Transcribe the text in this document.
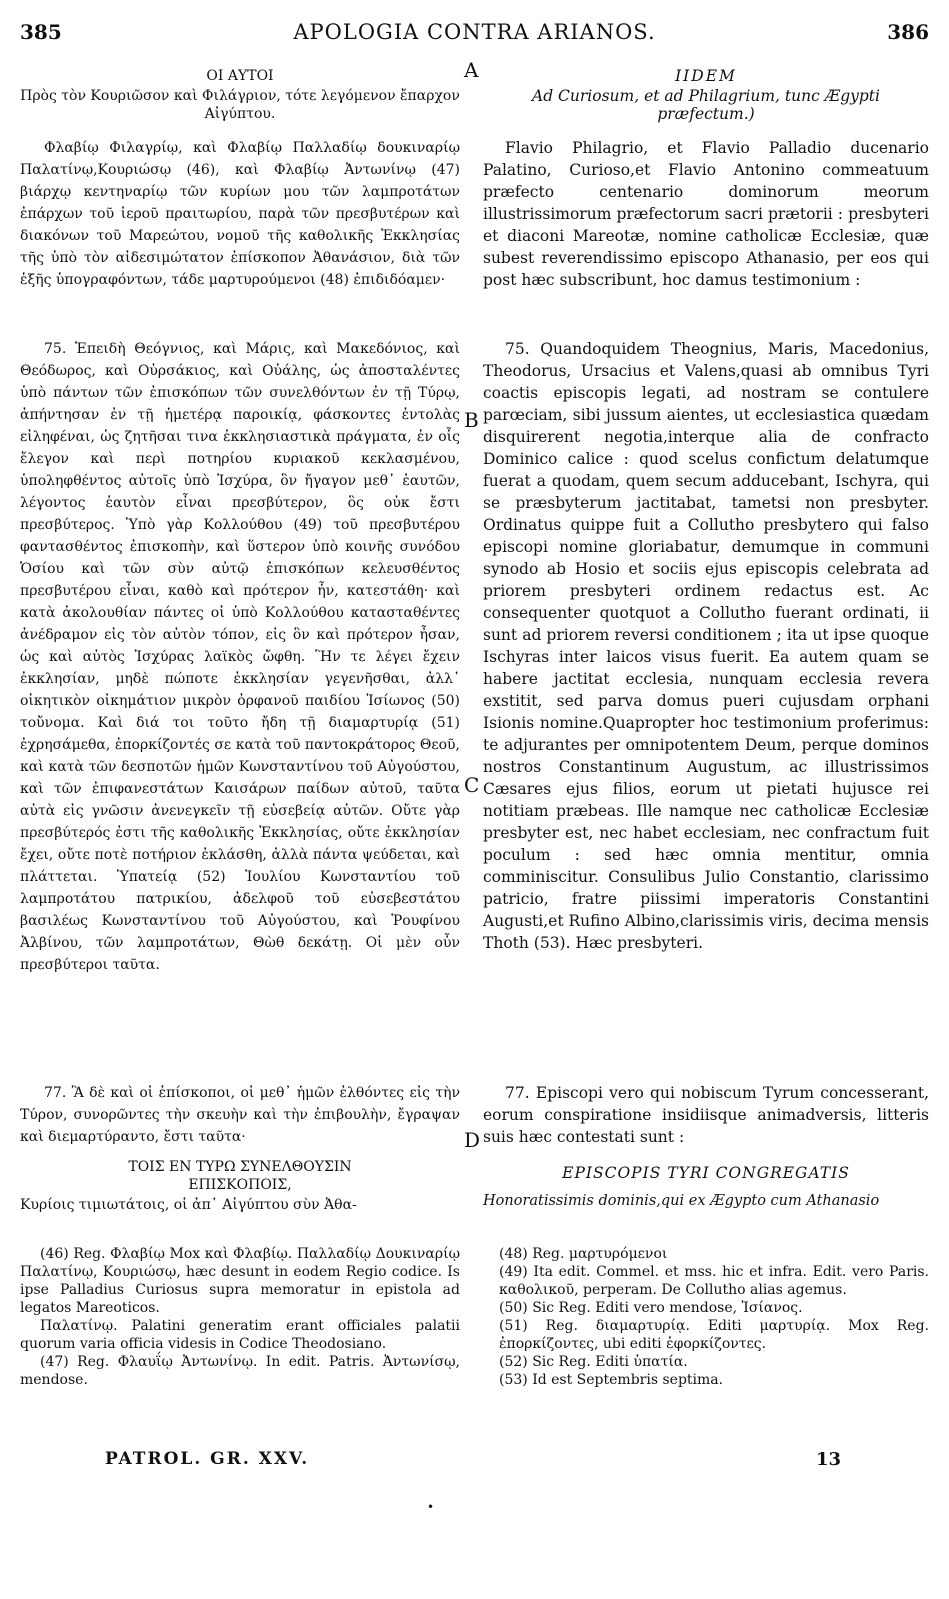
385	APOLOGIA CONTRA ARIANOS.	386
A
B
C
D

ΟΙ ΑΥΤΟΙ

Πρὸς τὸν Κουριῶσον καὶ Φιλάγριον, τότε λεγόμενον ἔπαρχον Αἰγύπτου.

Φλαβίῳ Φιλαγρίῳ, καὶ Φλαβίῳ Παλλαδίῳ δουκιναρίῳ Παλατίνῳ,Κουριώσῳ (46), καὶ Φλαβίῳ Ἀντωνίνῳ (47) βιάρχῳ κεντηναρίῳ τῶν κυρίων μου τῶν λαμπροτάτων ἐπάρχων τοῦ ἱεροῦ πραιτωρίου, παρὰ τῶν πρεσβυτέρων καὶ διακόνων τοῦ Μαρεώτου, νομοῦ τῆς καθολικῆς Ἐκκλησίας τῆς ὑπὸ τὸν αἰδεσιμώτατον ἐπίσκοπον Ἀθανάσιον, διὰ τῶν ἑξῆς ὑπογραφόντων, τάδε μαρτυρούμενοι (48) ἐπιδιδόαμεν·

75. Ἐπειδὴ Θεόγνιος, καὶ Μάρις, καὶ Μακεδόνιος, καὶ Θεόδωρος, καὶ Οὐρσάκιος, καὶ Οὐάλης, ὡς ἀποσταλέντες ὑπὸ πάντων τῶν ἐπισκόπων τῶν συνελθόντων ἐν τῇ Τύρῳ, ἀπήντησαν ἐν τῇ ἡμετέρᾳ παροικίᾳ, φάσκοντες ἐντολὰς εἰληφέναι, ὡς ζητῆσαι τινα ἐκκλησιαστικὰ πράγματα, ἐν οἷς ἔλεγον καὶ περὶ ποτηρίου κυριακοῦ κεκλασμένου, ὑποληφθέντος αὐτοῖς ὑπὸ Ἰσχύρα, ὃν ἤγαγον μεθ᾽ ἑαυτῶν, λέγοντος ἑαυτὸν εἶναι πρεσβύτερον, ὃς οὐκ ἔστι πρεσβύτερος. Ὑπὸ γὰρ Κολλούθου (49) τοῦ πρεσβυτέρου φαντασθέντος ἐπισκοπὴν, καὶ ὕστερον ὑπὸ κοινῆς συνόδου Ὁσίου καὶ τῶν σὺν αὐτῷ ἐπισκόπων κελευσθέντος πρεσβυτέρου εἶναι, καθὸ καὶ πρότερον ἦν, κατεστάθη· καὶ κατὰ ἀκολουθίαν πάντες οἱ ὑπὸ Κολλούθου κατασταθέντες ἀνέδραμον εἰς τὸν αὐτὸν τόπον, εἰς ὃν καὶ πρότερον ἦσαν, ὡς καὶ αὐτὸς Ἰσχύρας λαϊκὸς ὤφθη. Ἣν τε λέγει ἔχειν ἐκκλησίαν, μηδὲ πώποτε ἐκκλησίαν γεγενῆσθαι, ἀλλ᾽ οἰκητικὸν οἰκημάτιον μικρὸν ὀρφανοῦ παιδίου Ἰσίωνος (50) τοὔνομα. Καὶ διά τοι τοῦτο ἤδη τῇ διαμαρτυρίᾳ (51) ἐχρησάμεθα, ἐπορκίζοντές σε κατὰ τοῦ παντοκράτορος Θεοῦ, καὶ κατὰ τῶν δεσποτῶν ἡμῶν Κωνσταντίνου τοῦ Αὐγούστου, καὶ τῶν ἐπιφανεστάτων Καισάρων παίδων αὐτοῦ, ταῦτα αὐτὰ εἰς γνῶσιν ἀνενεγκεῖν τῇ εὐσεβείᾳ αὐτῶν. Οὔτε γὰρ πρεσβύτερός ἐστι τῆς καθολικῆς Ἐκκλησίας, οὔτε ἐκκλησίαν ἔχει, οὔτε ποτὲ ποτήριον ἐκλάσθη, ἀλλὰ πάντα ψεύδεται, καὶ πλάττεται. Ὑπατείᾳ (52) Ἰουλίου Κωνσταντίου τοῦ λαμπροτάτου πατρικίου, ἀδελφοῦ τοῦ εὐσεβεστάτου βασιλέως Κωνσταντίνου τοῦ Αὐγούστου, καὶ Ῥουφίνου Ἀλβίνου, τῶν λαμπροτάτων, Θὼθ δεκάτῃ. Οἱ μὲν οὖν πρεσβύτεροι ταῦτα.

77. Ἃ δὲ καὶ οἱ ἐπίσκοποι, οἱ μεθ᾽ ἡμῶν ἐλθόντες εἰς τὴν Τύρον, συνορῶντες τὴν σκευὴν καὶ τὴν ἐπιβουλὴν, ἔγραψαν καὶ διεμαρτύραντο, ἔστι ταῦτα·

ΤΟΙΣ ΕΝ ΤΥΡΩ ΣΥΝΕΛΘΟΥΣΙΝ

ΕΠΙΣΚΟΠΟΙΣ,

Κυρίοις τιμιωτάτοις, οἱ ἀπ᾽ Αἰγύπτου σὺν Ἀθα-

(46) Reg. Φλαβίῳ Μοx καὶ Φλαβίῳ. Παλλαδίῳ Δουκιναρίῳ Παλατίνῳ, Κουριώσῳ, hæc desunt in eodem Regio codice. Is ipse Palladius Curiosus supra memoratur in epistola ad legatos Mareoticos.

Παλατίνῳ. Palatini generatim erant officiales palatii quorum varia officia videsis in Codice Theodosiano.

(47) Reg. Φλαυΐῳ Ἀντωνίνῳ. In edit. Patris. Ἀντωνίσῳ, mendose.

IIDEM

Ad Curiosum, et ad Philagrium, tunc Ægypti præfectum.)

Flavio Philagrio, et Flavio Palladio ducenario Palatino, Curioso,et Flavio Antonino commeatuum præfecto centenario dominorum meorum illustrissimorum præfectorum sacri prætorii : presbyteri et diaconi Mareotæ, nomine catholicæ Ecclesiæ, quæ subest reverendissimo episcopo Athanasio, per eos qui post hæc subscribunt, hoc damus testimonium :

75. Quandoquidem Theognius, Maris, Macedonius, Theodorus, Ursacius et Valens,quasi ab omnibus Tyri coactis episcopis legati, ad nostram se contulere parœciam, sibi jussum aientes, ut ecclesiastica quædam disquirerent negotia,interque alia de confracto Dominico calice : quod scelus confictum delatumque fuerat a quodam, quem secum adducebant, Ischyra, qui se præsbyterum jactitabat, tametsi non presbyter. Ordinatus quippe fuit a Collutho presbytero qui falso episcopi nomine gloriabatur, demumque in communi synodo ab Hosio et sociis ejus episcopis celebrata ad priorem presbyteri ordinem redactus est. Ac consequenter quotquot a Collutho fuerant ordinati, ii sunt ad priorem reversi conditionem ; ita ut ipse quoque Ischyras inter laicos visus fuerit. Ea autem quam se habere jactitat ecclesia, nunquam ecclesia revera exstitit, sed parva domus pueri cujusdam orphani Isionis nomine.Quapropter hoc testimonium proferimus: te adjurantes per omnipotentem Deum, perque dominos nostros Constantinum Augustum, ac illustrissimos Cæsares ejus filios, eorum ut pietati hujusce rei notitiam præbeas. Ille namque nec catholicæ Ecclesiæ presbyter est, nec habet ecclesiam, nec confractum fuit poculum : sed hæc omnia mentitur, omnia comminiscitur. Consulibus Julio Constantio, clarissimo patricio, fratre piissimi imperatoris Constantini Augusti,et Rufino Albino,clarissimis viris, decima mensis Thoth (53). Hæc presbyteri.

77. Episcopi vero qui nobiscum Tyrum concesserant, eorum conspiratione insidiisque animadversis, litteris suis hæc contestati sunt :

EPISCOPIS TYRI CONGREGATIS

Honoratissimis dominis,qui ex Ægypto cum Athanasio

(48) Reg. μαρτυρόμενοι

(49) Ita edit. Commel. et mss. hic et infra. Edit. vero Paris. καθολικοῦ, perperam. De Collutho alias agemus.

(50) Sic Reg. Editi vero mendose, Ἰσίανος.

(51) Reg. διαμαρτυρίᾳ. Editi μαρτυρίᾳ. Mox Reg. ἐπορκίζοντες, ubi editi ἐφορκίζοντες.

(52) Sic Reg. Editi ὑπατία.

(53) Id est Septembris septima.

PATROL. GR. XXV.	13
•
